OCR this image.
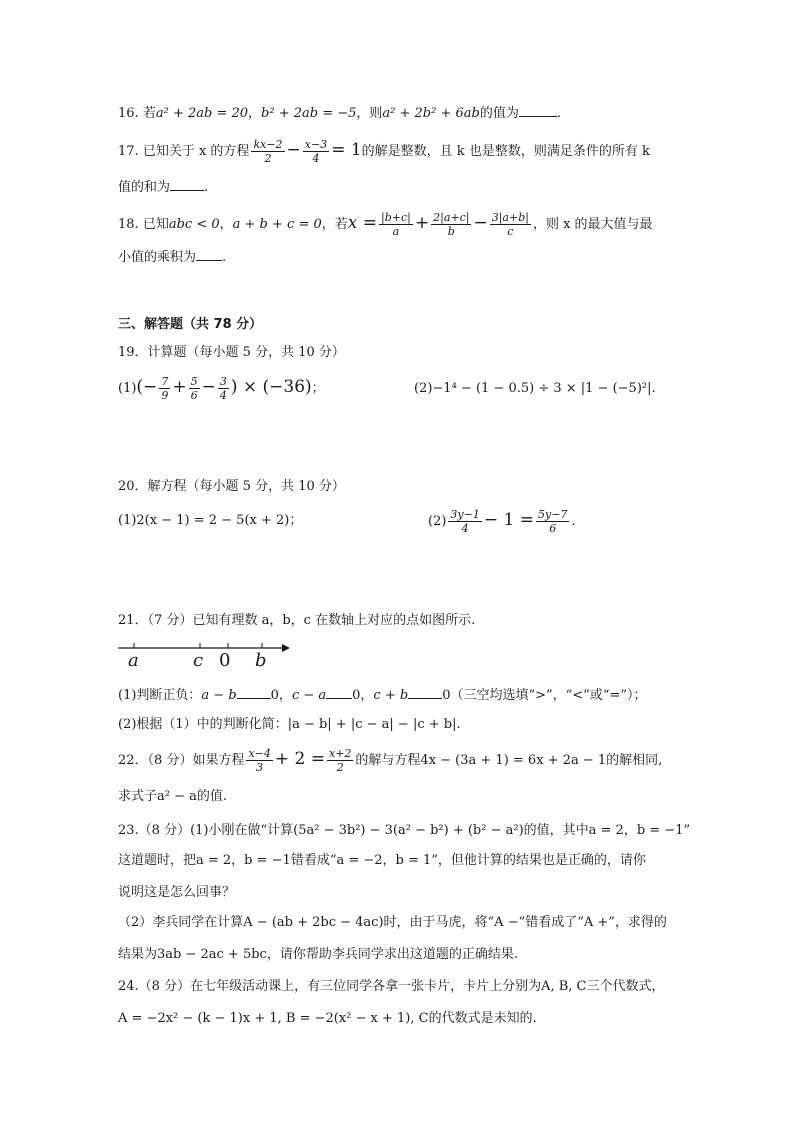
16. 若a² + 2ab = 20，b² + 2ab = −5，则a² + 2b² + 6ab的值为	.
17. 已知关于 x 的方程 $\frac{kx-2}{2} - \frac{x-3}{4} = 1$的解是整数，且 k 也是整数，则满足条件的所有 k
值的和为	.
18. 已知abc < 0，a + b + c = 0，若$x = \frac{|b+c|}{a} + \frac{2|a+c|}{b} - \frac{3|a+b|}{c}$ ，则 x 的最大值与最
小值的乘积为 .
三、解答题（共 78 分）
19．计算题（每小题 5 分，共 10 分）
$(1)(- \frac{7}{9} + \frac{5}{6} - \frac{3}{4}$ ) × (−36)；	(2)−1⁴ − (1 − 0.5) ÷ 3 × |1 − (−5)²|.
20．解方程（每小题 5 分，共 10 分）
(1)2(x − 1) = 2 − 5(x + 2)；	$(2) \frac{3y-1}{4} - 1 = \frac{5y-7}{6}$ .
21．（7 分）已知有理数 a，b，c 在数轴上对应的点如图所示.
a	c 0 b
(1)判断正负：a − b	0，c − a 0，c + b	0（三空均选填“>”，“<”或“=”）；
(2)根据（1）中的判断化简：|a − b| + |c − a| − |c + b|.
22．（8 分）如果方程 $\frac{x-4}{3} + 2 = \frac{x+2}{2}$ 的解与方程4x − (3a + 1) = 6x + 2a − 1的解相同,
求式子a² − a的值.
23.（8 分）(1)小刚在做“计算(5a² − 3b²) − 3(a² − b²) + (b² − a²)的值，其中a = 2，b = −1”
这道题时，把a = 2，b = −1错看成“a = −2，b = 1”，但他计算的结果也是正确的，请你
说明这是怎么回事？
（2）李兵同学在计算A − (ab + 2bc − 4ac)时，由于马虎，将“A −”错看成了“A +”，求得的
结果为3ab − 2ac + 5bc，请你帮助李兵同学求出这道题的正确结果.
24.（8 分）在七年级活动课上，有三位同学各拿一张卡片，卡片上分别为A, B, C三个代数式，
A = −2x² − (k − 1)x + 1, B = −2(x² − x + 1), C的代数式是未知的.
